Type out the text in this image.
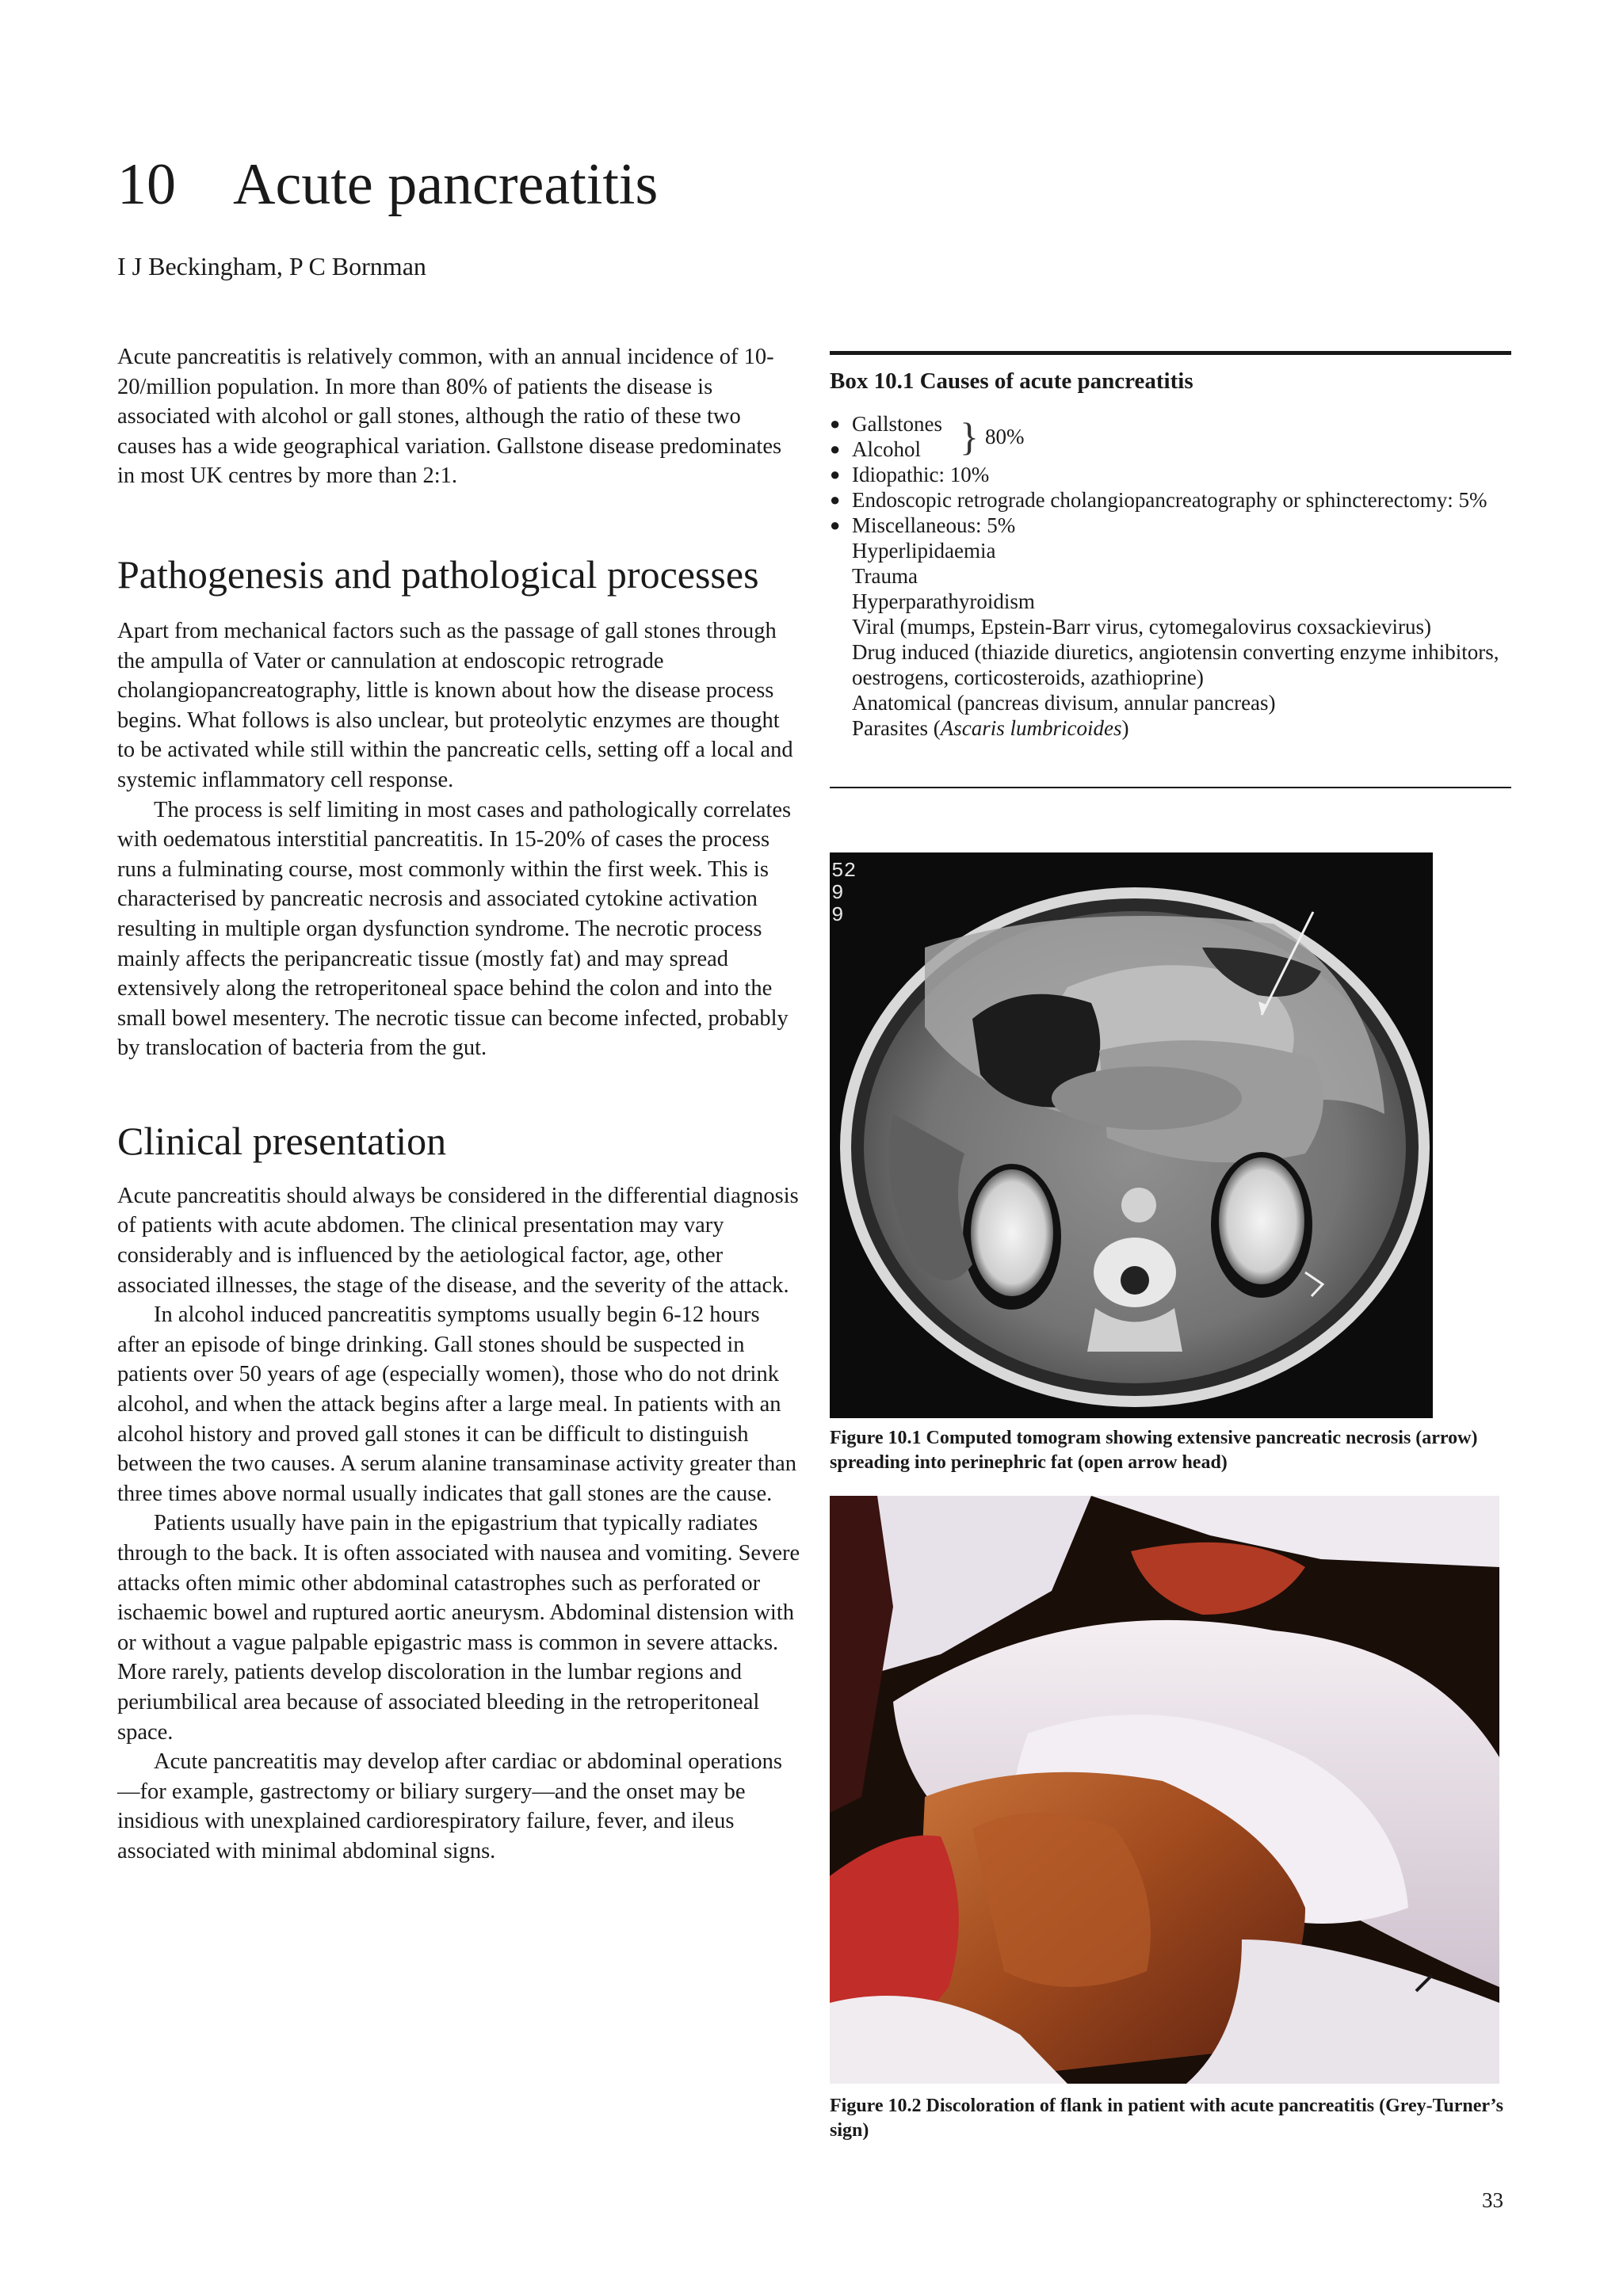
10 Acute pancreatitis

I J Beckingham, P C Bornman

Acute pancreatitis is relatively common, with an annual incidence of 10-20/million population. In more than 80% of patients the disease is associated with alcohol or gall stones, although the ratio of these two causes has a wide geographical variation. Gallstone disease predominates in most UK centres by more than 2:1.

Pathogenesis and pathological processes

Apart from mechanical factors such as the passage of gall stones through the ampulla of Vater or cannulation at endoscopic retrograde cholangiopancreatography, little is known about how the disease process begins. What follows is also unclear, but proteolytic enzymes are thought to be activated while still within the pancreatic cells, setting off a local and systemic inflammatory cell response.

The process is self limiting in most cases and pathologically correlates with oedematous interstitial pancreatitis. In 15-20% of cases the process runs a fulminating course, most commonly within the first week. This is characterised by pancreatic necrosis and associated cytokine activation resulting in multiple organ dysfunction syndrome. The necrotic process mainly affects the peripancreatic tissue (mostly fat) and may spread extensively along the retroperitoneal space behind the colon and into the small bowel mesentery. The necrotic tissue can become infected, probably by translocation of bacteria from the gut.

Clinical presentation

Acute pancreatitis should always be considered in the differential diagnosis of patients with acute abdomen. The clinical presentation may vary considerably and is influenced by the aetiological factor, age, other associated illnesses, the stage of the disease, and the severity of the attack.

In alcohol induced pancreatitis symptoms usually begin 6-12 hours after an episode of binge drinking. Gall stones should be suspected in patients over 50 years of age (especially women), those who do not drink alcohol, and when the attack begins after a large meal. In patients with an alcohol history and proved gall stones it can be difficult to distinguish between the two causes. A serum alanine transaminase activity greater than three times above normal usually indicates that gall stones are the cause.

Patients usually have pain in the epigastrium that typically radiates through to the back. It is often associated with nausea and vomiting. Severe attacks often mimic other abdominal catastrophes such as perforated or ischaemic bowel and ruptured aortic aneurysm. Abdominal distension with or without a vague palpable epigastric mass is common in severe attacks. More rarely, patients develop discoloration in the lumbar regions and periumbilical area because of associated bleeding in the retroperitoneal space.

Acute pancreatitis may develop after cardiac or abdominal operations—for example, gastrectomy or biliary surgery—and the onset may be insidious with unexplained cardiorespiratory failure, fever, and ileus associated with minimal abdominal signs.

Box 10.1 Causes of acute pancreatitis
● Gallstones
● Alcohol } 80%
● Idiopathic: 10%
● Endoscopic retrograde cholangiopancreatography or sphincterectomy: 5%
● Miscellaneous: 5%
Hyperlipidaemia
Trauma
Hyperparathyroidism
Viral (mumps, Epstein-Barr virus, cytomegalovirus coxsackievirus)
Drug induced (thiazide diuretics, angiotensin converting enzyme inhibitors, oestrogens, corticosteroids, azathioprine)
Anatomical (pancreas divisum, annular pancreas)
Parasites (Ascaris lumbricoides)
52 9 9
Figure 10.1 Computed tomogram showing extensive pancreatic necrosis (arrow) spreading into perinephric fat (open arrow head)
Figure 10.2 Discoloration of flank in patient with acute pancreatitis (Grey-Turner’s sign)
33
